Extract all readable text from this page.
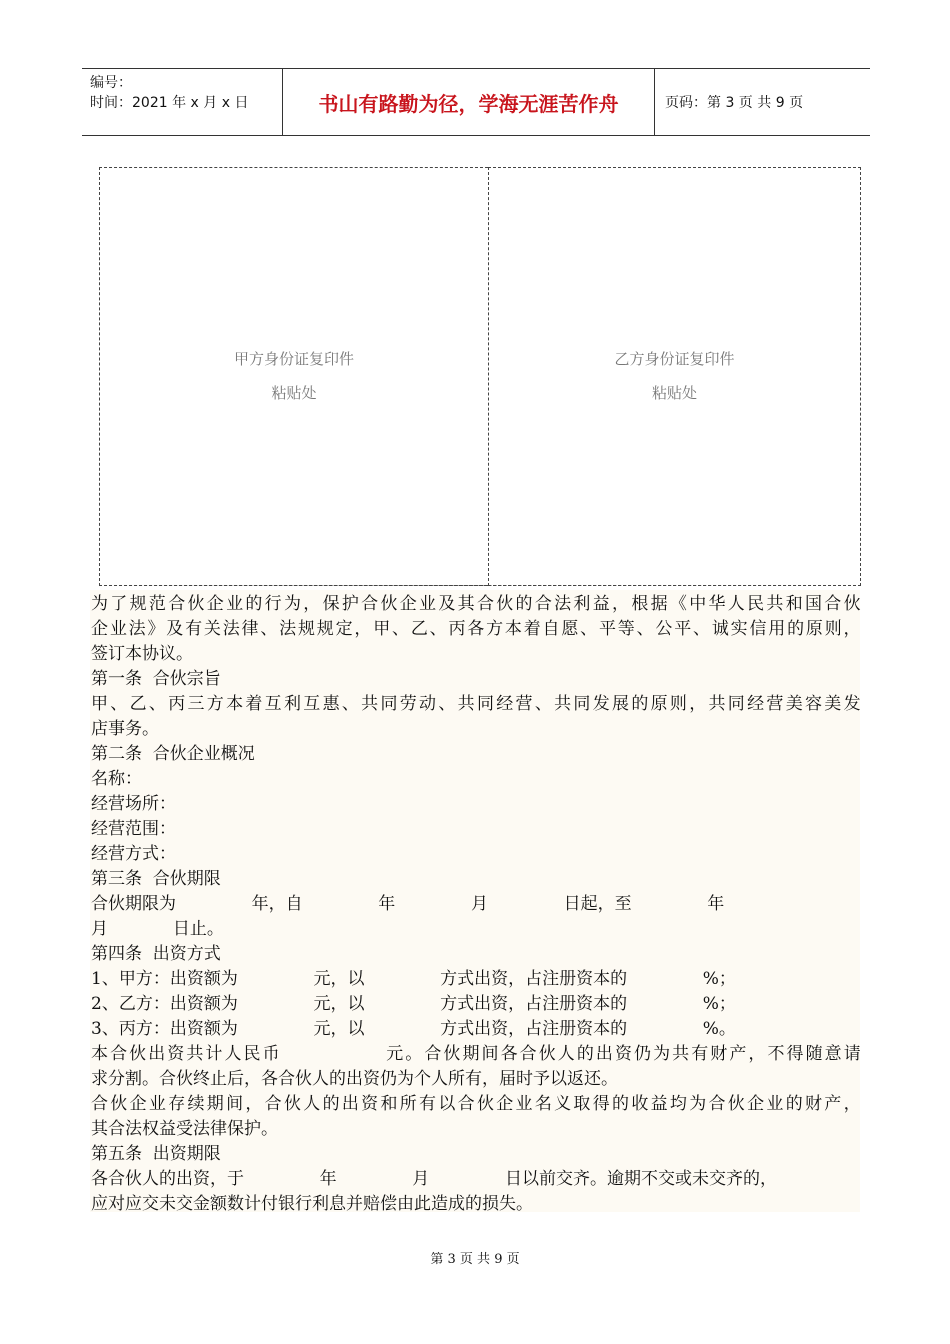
编号：
时间：2021 年 x 月 x 日	书山有路勤为径，学海无涯苦作舟	页码：第 3 页 共 9 页
甲方身份证复印件
粘贴处
乙方身份证复印件
粘贴处
为 了 规 范 合 伙 企 业 的 行 为 ， 保 护 合 伙 企 业 及 其 合 伙 的 合 法 利 益 ， 根 据 《 中 华 人 民 共 和 国 合 伙
企 业 法 》 及 有 关 法 律 、 法 规 规 定 ， 甲 、 乙 、 丙 各 方 本 着 自 愿 、 平 等 、 公 平 、 诚 实 信 用 的 原 则 ，
签订本协议。
第一条  合伙宗旨
甲 、 乙 、 丙 三 方 本 着 互 利 互 惠 、 共 同 劳 动 、 共 同 经 营 、 共 同 发 展 的 原 则 ， 共 同 经 营 美 容 美 发
店事务。
第二条  合伙企业概况
名称：
经营场所：
经营范围：
经营方式：
第三条  合伙期限
合伙期限为              年，自              年              月              日起，至              年
月            日止。
第四条  出资方式
1、甲方：出资额为              元，以              方式出资，占注册资本的              %；
2、乙方：出资额为              元，以              方式出资，占注册资本的              %；
3、丙方：出资额为              元，以              方式出资，占注册资本的              %。
本 合 伙 出 资 共 计 人 民 币

	元 。 合 伙 期 间 各 合 伙 人 的 出 资 仍 为 共 有 财 产 ， 不 得 随 意 请
求分割。合伙终止后，各合伙人的出资仍为个人所有，届时予以返还。
合 伙 企 业 存 续 期 间 ， 合 伙 人 的 出 资 和 所 有 以 合 伙 企 业 名 义 取 得 的 收 益 均 为 合 伙 企 业 的 财 产 ，
其合法权益受法律保护。
第五条  出资期限
各合伙人的出资，于              年              月              日以前交齐。逾期不交或未交齐的，
应对应交未交金额数计付银行利息并赔偿由此造成的损失。
第 3 页 共 9 页
